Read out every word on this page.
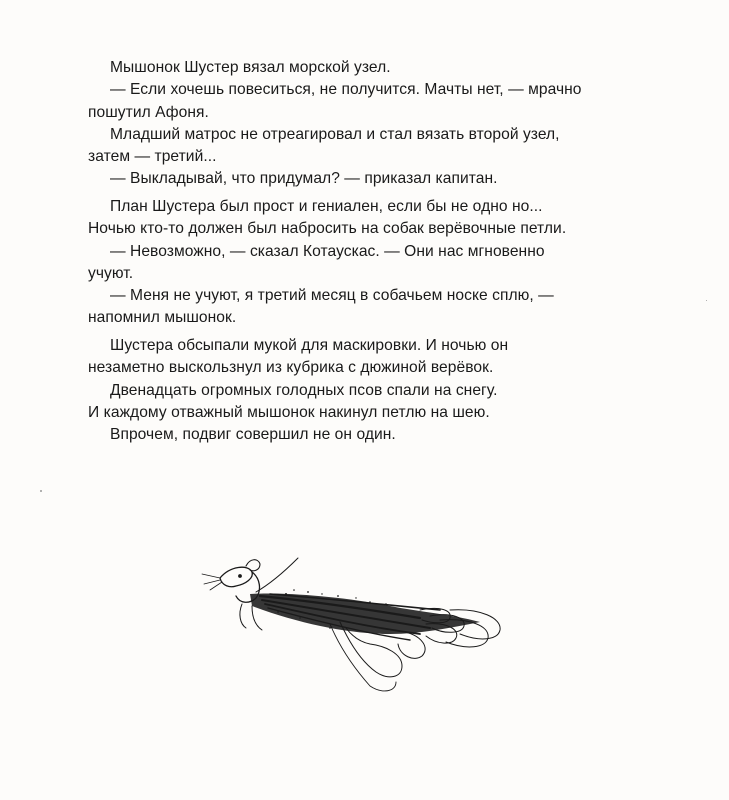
Мышонок Шустер вязал морской узел.
— Если хочешь повеситься, не получится. Мачты нет, — мрачно
пошутил Афоня.
Младший матрос не отреагировал и стал вязать второй узел,
затем — третий...
— Выкладывай, что придумал? — приказал капитан.
План Шустера был прост и гениален, если бы не одно но...
Ночью кто-то должен был набросить на собак верёвочные петли.
— Невозможно, — сказал Котаускас. — Они нас мгновенно
учуют.
— Меня не учуют, я третий месяц в собачьем носке сплю, —
напомнил мышонок.
Шустера обсыпали мукой для маскировки. И ночью он
незаметно выскользнул из кубрика с дюжиной верёвок.
Двенадцать огромных голодных псов спали на снегу.
И каждому отважный мышонок накинул петлю на шею.
Впрочем, подвиг совершил не он один.
